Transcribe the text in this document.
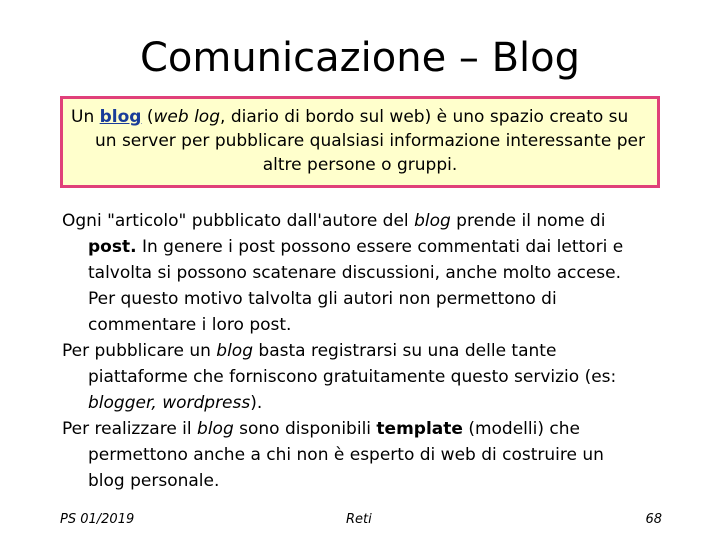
Comunicazione – Blog
Un blog (web log, diario di bordo sul web) è uno spazio creato su
un server per pubblicare qualsiasi informazione interessante per
altre persone o gruppi.

Ogni "articolo" pubblicato dall'autore del blog prende il nome di
post. In genere i post possono essere commentati dai lettori e
talvolta si possono scatenare discussioni, anche molto accese.
Per questo motivo talvolta gli autori non permettono di
commentare i loro post.

Per pubblicare un blog basta registrarsi su una delle tante
piattaforme che forniscono gratuitamente questo servizio (es:
blogger, wordpress).

Per realizzare il blog sono disponibili template (modelli) che
permettono anche a chi non è esperto di web di costruire un
blog personale.

PS 01/2019	Reti	68
